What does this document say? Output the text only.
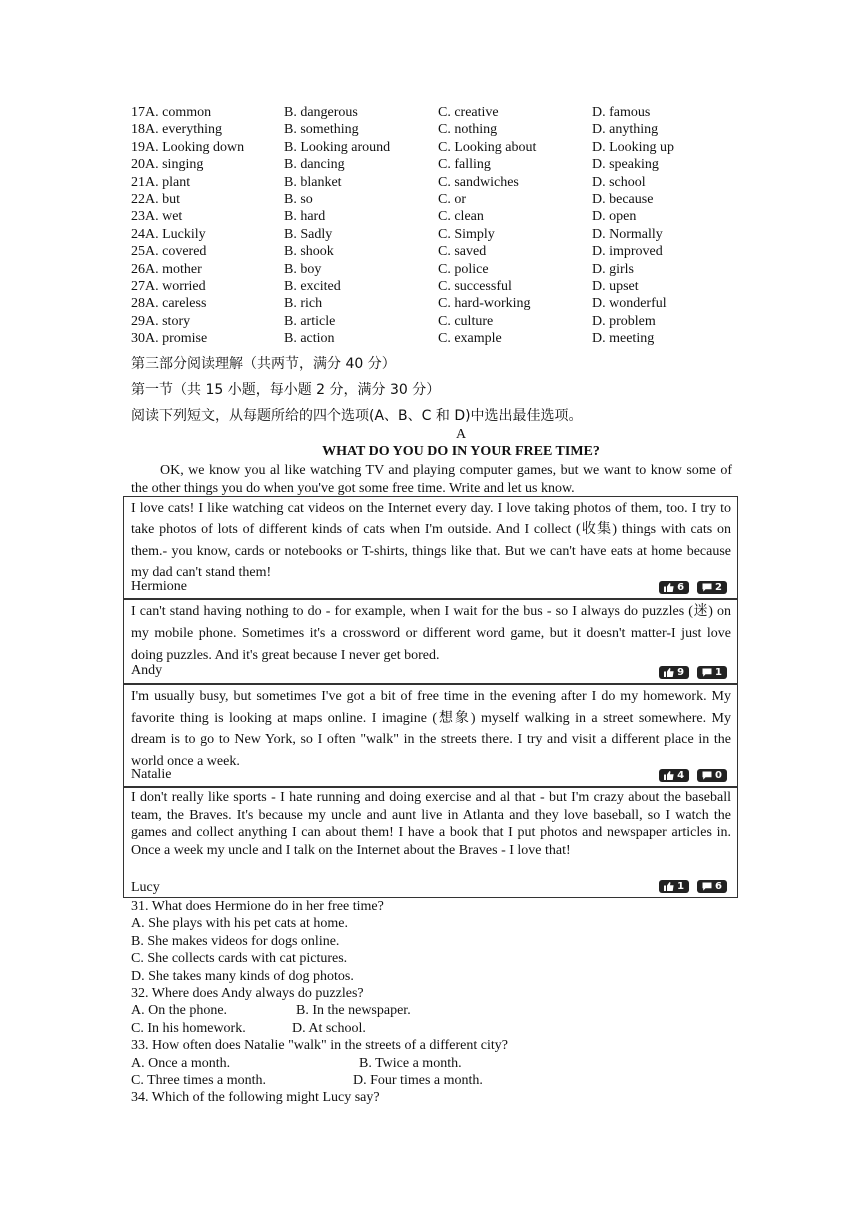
17A. common	B. dangerous	C. creative	D. famous
18A. everything	B. something	C. nothing	D. anything
19A. Looking down	B. Looking around	C. Looking about	D. Looking up
20A. singing	B. dancing	C. falling	D. speaking
21A. plant	B. blanket	C. sandwiches	D. school
22A. but	B. so	C. or	D. because
23A. wet	B. hard	C. clean	D. open
24A. Luckily	B. Sadly	C. Simply	D. Normally
25A. covered	B. shook	C. saved	D. improved
26A. mother	B. boy	C. police	D. girls
27A. worried	B. excited	C. successful	D. upset
28A. careless	B. rich	C. hard-working	D. wonderful
29A. story	B. article	C. culture	D. problem
30A. promise	B. action	C. example	D. meeting
第三部分阅读理解（共两节，满分 40 分）
第一节（共 15 小题，每小题 2 分，满分 30 分）
阅读下列短文，从每题所给的四个选项(A、B、C 和 D)中选出最佳选项。
A
WHAT DO YOU DO IN YOUR FREE TIME?
OK, we know you al like watching TV and playing computer games, but we want to know some of the other things you do when you've got some free time. Write and let us know.
I love cats! I like watching cat videos on the Internet every day. I love taking photos of them, too. I try to take photos of lots of different kinds of cats when I'm outside. And I collect (收集) things with cats on them.- you know, cards or notebooks or T-shirts, things like that. But we can't have eats at home because my dad can't stand them!
Hermione	6	2
I can't stand having nothing to do - for example, when I wait for the bus - so I always do puzzles (迷) on my mobile phone. Sometimes it's a crossword or different word game, but it doesn't matter-I just love doing puzzles. And it's great because I never get bored.
Andy	9	1
I'm usually busy, but sometimes I've got a bit of free time in the evening after I do my homework. My favorite thing is looking at maps online. I imagine (想象) myself walking in a street somewhere. My dream is to go to New York, so I often "walk" in the streets there. I try and visit a different place in the world once a week.
Natalie	4	0
I don't really like sports - I hate running and doing exercise and al that - but I'm crazy about the baseball team, the Braves. It's because my uncle and aunt live in Atlanta and they love baseball, so I watch the games and collect anything I can about them! I have a book that I put photos and newspaper articles in. Once a week my uncle and I talk on the Internet about the Braves - I love that!
Lucy	1	6
31. What does Hermione do in her free time?
A. She plays with his pet cats at home.
B. She makes videos for dogs online.
C. She collects cards with cat pictures.
D. She takes many kinds of dog photos.
32. Where does Andy always do puzzles?
A. On the phone.	B. In the newspaper.
C. In his homework.	D. At school.
33. How often does Natalie "walk" in the streets of a different city?
A. Once a month.	B. Twice a month.
C. Three times a month.	D. Four times a month.
34. Which of the following might Lucy say?
